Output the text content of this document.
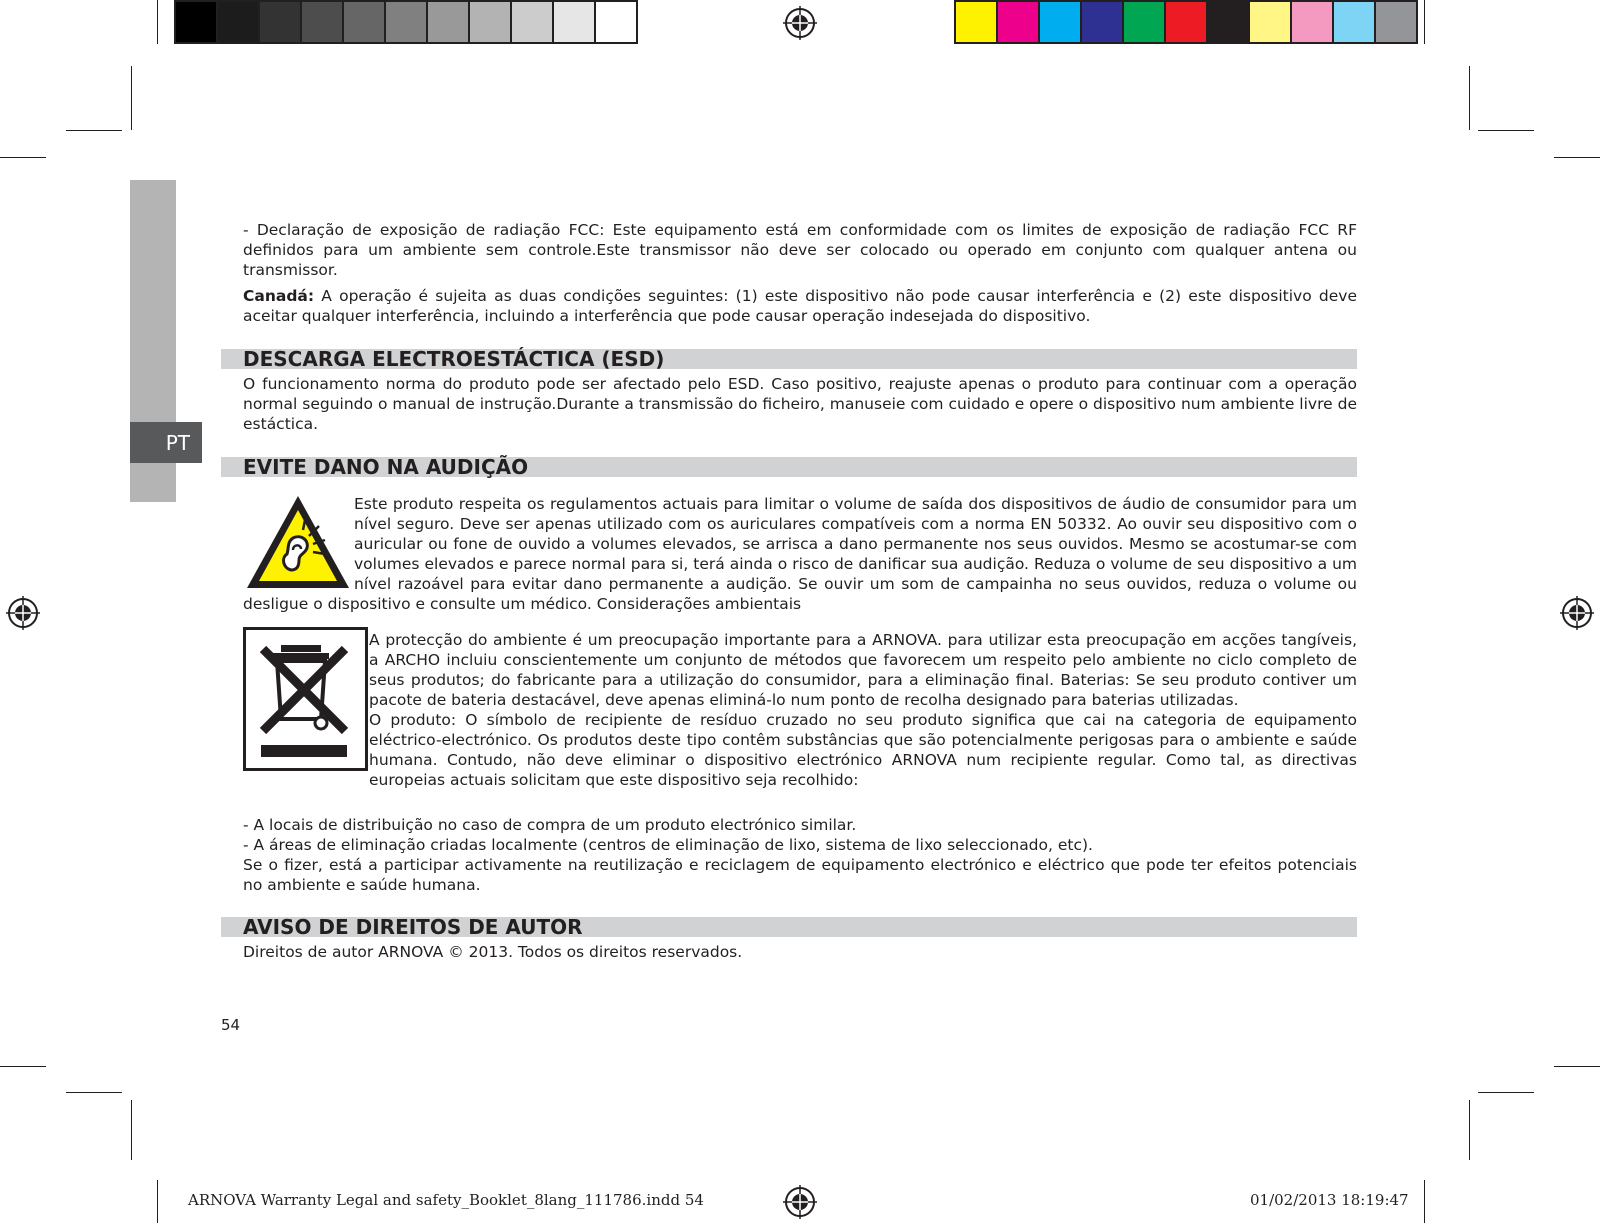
PT
- Declaração de exposição de radiação FCC: Este equipamento está em conformidade com os limites de exposição de radiação FCC RF definidos para um ambiente sem controle.Este transmissor não deve ser colocado ou operado em conjunto com qualquer antena ou transmissor.
Canadá: A operação é sujeita as duas condições seguintes: (1) este dispositivo não pode causar interferência e (2) este dispositivo deve aceitar qualquer interferência, incluindo a interferência que pode causar operação indesejada do dispositivo.
DESCARGA ELECTROESTÁCTICA (ESD)
O funcionamento norma do produto pode ser afectado pelo ESD. Caso positivo, reajuste apenas o produto para continuar com a operação normal seguindo o manual de instrução.Durante a transmissão do ficheiro, manuseie com cuidado e opere o dispositivo num ambiente livre de estáctica.
EVITE DANO NA AUDIÇÃO
Este produto respeita os regulamentos actuais para limitar o volume de saída dos dispositivos de áudio de consumidor para um nível seguro. Deve ser apenas utilizado com os auriculares compatíveis com a norma EN 50332. Ao ouvir seu dispositivo com o auricular ou fone de ouvido a volumes elevados, se arrisca a dano permanente nos seus ouvidos. Mesmo se acostumar-se com volumes elevados e parece normal para si, terá ainda o risco de danificar sua audição. Reduza o volume de seu dispositivo a um nível razoável para evitar dano permanente a audição. Se ouvir um som de campainha no seus ouvidos, reduza o volume ou desligue o dispositivo e consulte um médico. Considerações ambientais
A protecção do ambiente é um preocupação importante para a ARNOVA. para utilizar esta preocupação em acções tangíveis, a ARCHO incluiu conscientemente um conjunto de métodos que favorecem um respeito pelo ambiente no ciclo completo de seus produtos; do fabricante para a utilização do consumidor, para a eliminação final. Baterias: Se seu produto contiver um pacote de bateria destacável, deve apenas eliminá-lo num ponto de recolha designado para baterias utilizadas.
O produto: O símbolo de recipiente de resíduo cruzado no seu produto significa que cai na categoria de equipamento eléctrico-electrónico. Os produtos deste tipo contêm substâncias que são potencialmente perigosas para o ambiente e saúde humana. Contudo, não deve eliminar o dispositivo electrónico ARNOVA num recipiente regular. Como tal, as directivas europeias actuais solicitam que este dispositivo seja recolhido:
- A locais de distribuição no caso de compra de um produto electrónico similar.
- A áreas de eliminação criadas localmente (centros de eliminação de lixo, sistema de lixo seleccionado, etc).
Se o fizer, está a participar activamente na reutilização e reciclagem de equipamento electrónico e eléctrico que pode ter efeitos potenciais no ambiente e saúde humana.
AVISO DE DIREITOS DE AUTOR
Direitos de autor ARNOVA © 2013. Todos os direitos reservados.
54
ARNOVA Warranty Legal and safety_Booklet_8lang_111786.indd 54	01/02/2013 18:19:47
